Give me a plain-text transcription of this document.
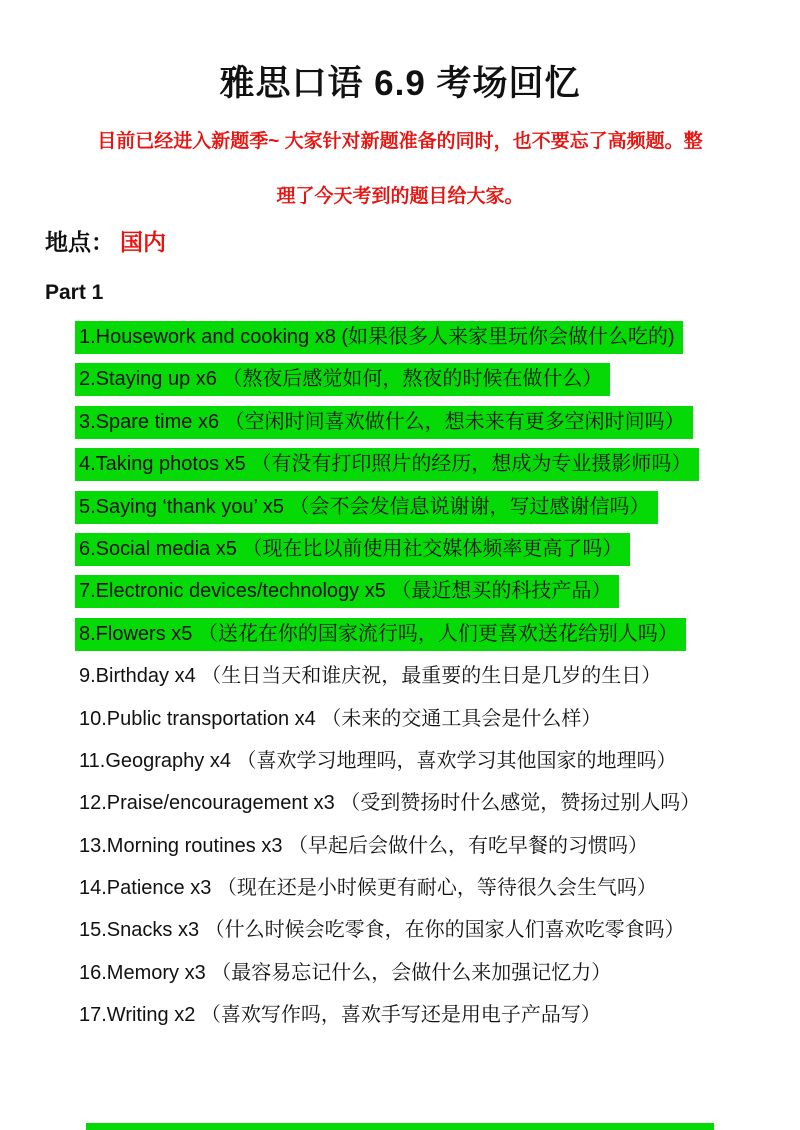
雅思口语 6.9 考场回忆
目前已经进入新题季~ 大家针对新题准备的同时，也不要忘了高频题。整
理了今天考到的题目给大家。
地点： 国内
Part 1
1.Housework and cooking x8 (如果很多人来家里玩你会做什么吃的)
2.Staying up x6 （熬夜后感觉如何，熬夜的时候在做什么）
3.Spare time x6 （空闲时间喜欢做什么，想未来有更多空闲时间吗）
4.Taking photos x5 （有没有打印照片的经历，想成为专业摄影师吗）
5.Saying ‘thank you’ x5 （会不会发信息说谢谢，写过感谢信吗）
6.Social media x5 （现在比以前使用社交媒体频率更高了吗）
7.Electronic devices/technology x5 （最近想买的科技产品）
8.Flowers x5 （送花在你的国家流行吗，人们更喜欢送花给别人吗）
9.Birthday x4 （生日当天和谁庆祝，最重要的生日是几岁的生日）
10.Public transportation x4 （未来的交通工具会是什么样）
11.Geography x4 （喜欢学习地理吗，喜欢学习其他国家的地理吗）
12.Praise/encouragement x3 （受到赞扬时什么感觉，赞扬过别人吗）
13.Morning routines x3 （早起后会做什么，有吃早餐的习惯吗）
14.Patience x3 （现在还是小时候更有耐心，等待很久会生气吗）
15.Snacks x3 （什么时候会吃零食，在你的国家人们喜欢吃零食吗）
16.Memory x3 （最容易忘记什么，会做什么来加强记忆力）
17.Writing x2 （喜欢写作吗，喜欢手写还是用电子产品写）
